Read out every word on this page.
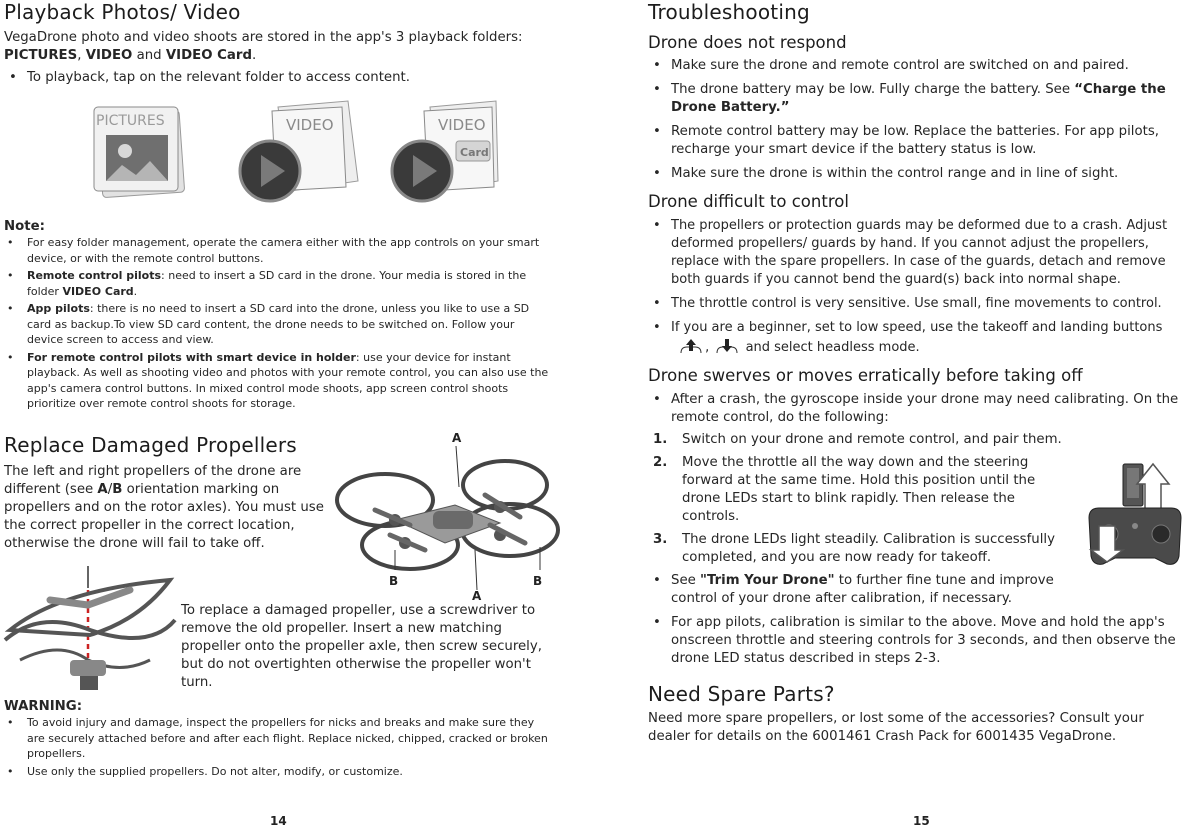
Playback Photos/ Video

VegaDrone photo and video shoots are stored in the app's 3 playback folders:
PICTURES, VIDEO and VIDEO Card.

• To playback, tap on the relevant folder to access content.
PICTURES	VIDEO	VIDEO
Card
Note:
• For easy folder management, operate the camera either with the app controls on your smart device, or with the remote control buttons.
• Remote control pilots: need to insert a SD card in the drone. Your media is stored in the folder VIDEO Card.
• App pilots: there is no need to insert a SD card into the drone, unless you like to use a SD card as backup.To view SD card content, the drone needs to be switched on. Follow your device screen to access and view.
• For remote control pilots with smart device in holder: use your device for instant playback. As well as shooting video and photos with your remote control, you can also use the app's camera control buttons. In mixed control mode shoots, app screen control shoots prioritize over remote control shoots for storage.
Replace Damaged Propellers

The left and right propellers of the drone are different (see A/B orientation marking on propellers and on the rotor axles). You must use the correct propeller in the correct location, otherwise the drone will fail to take off.

A
B
A
B

To replace a damaged propeller, use a screwdriver to remove the old propeller. Insert a new matching propeller onto the propeller axle, then screw securely, but do not overtighten otherwise the propeller won't turn.

WARNING:
• To avoid injury and damage, inspect the propellers for nicks and breaks and make sure they are securely attached before and after each flight. Replace nicked, chipped, cracked or broken propellers.
• Use only the supplied propellers. Do not alter, modify, or customize.
14
Troubleshooting
Drone does not respond
• Make sure the drone and remote control are switched on and paired.
• The drone battery may be low. Fully charge the battery. See “Charge the Drone Battery.”
• Remote control battery may be low. Replace the batteries. For app pilots, recharge your smart device if the battery status is low.
• Make sure the drone is within the control range and in line of sight.
Drone difficult to control
• The propellers or protection guards may be deformed due to a crash. Adjust deformed propellers/ guards by hand. If you cannot adjust the propellers, replace with the spare propellers. In case of the guards, detach and remove both guards if you cannot bend the guard(s) back into normal shape.
• The throttle control is very sensitive. Use small, fine movements to control.
• If you are a beginner, set to low speed, use the takeoff and landing buttons
,	and select headless mode.
Drone swerves or moves erratically before taking off
• After a crash, the gyroscope inside your drone may need calibrating. On the remote control, do the following:
1. Switch on your drone and remote control, and pair them.
2. Move the throttle all the way down and the steering forward at the same time. Hold this position until the drone LEDs start to blink rapidly. Then release the controls.
3. The drone LEDs light steadily. Calibration is successfully completed, and you are now ready for takeoff.
• See "Trim Your Drone" to further fine tune and improve control of your drone after calibration, if necessary.
• For app pilots, calibration is similar to the above. Move and hold the app's onscreen throttle and steering controls for 3 seconds, and then observe the drone LED status described in steps 2-3.
Need Spare Parts?

Need more spare propellers, or lost some of the accessories? Consult your dealer for details on the 6001461 Crash Pack for 6001435 VegaDrone.

15
